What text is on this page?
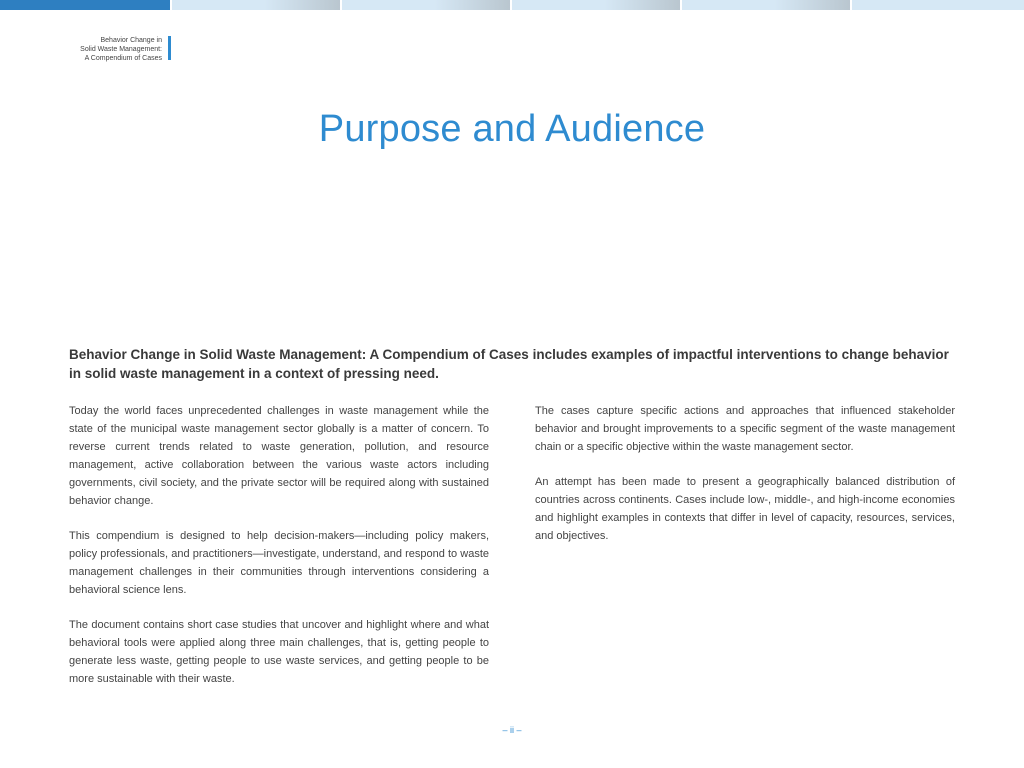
Behavior Change in
Solid Waste Management:
A Compendium of Cases
Purpose and Audience

Behavior Change in Solid Waste Management: A Compendium of Cases includes examples of impactful interventions to change behavior in solid waste management in a context of pressing need.

Today the world faces unprecedented challenges in waste management while the state of the municipal waste management sector globally is a matter of concern. To reverse current trends related to waste generation, pollution, and resource management, active collaboration between the various waste actors including governments, civil society, and the private sector will be required along with sustained behavior change.

This compendium is designed to help decision-makers—including policy makers, policy professionals, and practitioners—investigate, understand, and respond to waste management challenges in their communities through interventions considering a behavioral science lens.

The document contains short case studies that uncover and highlight where and what behavioral tools were applied along three main challenges, that is, getting people to generate less waste, getting people to use waste services, and getting people to be more sustainable with their waste.

The cases capture specific actions and approaches that influenced stakeholder behavior and brought improvements to a specific segment of the waste management chain or a specific objective within the waste management sector.

An attempt has been made to present a geographically balanced distribution of countries across continents. Cases include low-, middle-, and high-income economies and highlight examples in contexts that differ in level of capacity, resources, services, and objectives.

– ii –
